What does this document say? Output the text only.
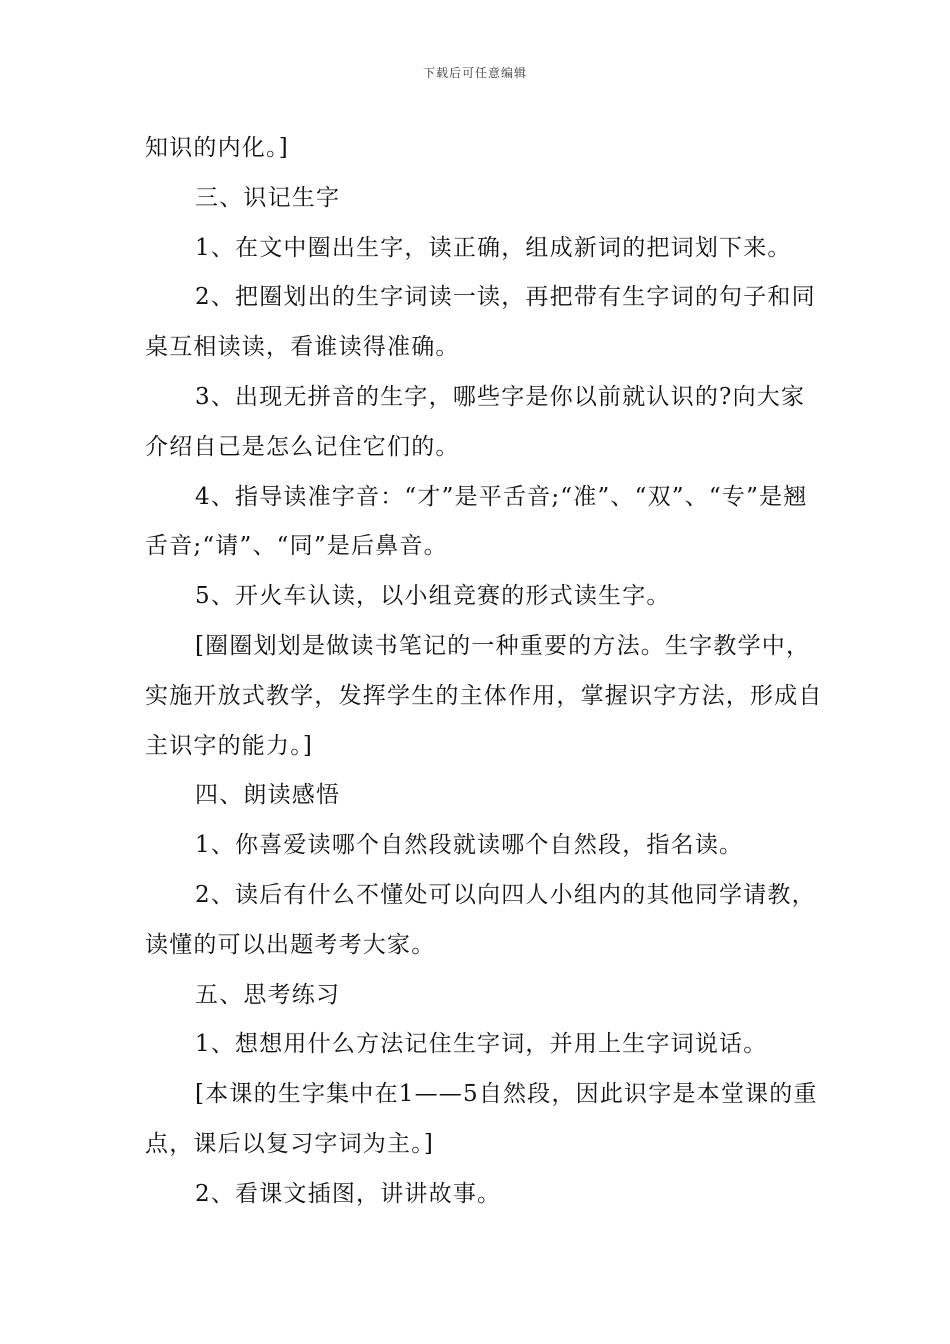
下载后可任意编辑

知识的内化。]

三、识记生字

1、在文中圈出生字，读正确，组成新词的把词划下来。

2、把圈划出的生字词读一读，再把带有生字词的句子和同桌互相读读，看谁读得准确。

3、出现无拼音的生字，哪些字是你以前就认识的?向大家介绍自己是怎么记住它们的。

4、指导读准字音：“才”是平舌音;“准”、“双”、“专”是翘舌音;“请”、“同”是后鼻音。

5、开火车认读，以小组竞赛的形式读生字。

[圈圈划划是做读书笔记的一种重要的方法。生字教学中，实施开放式教学，发挥学生的主体作用，掌握识字方法，形成自主识字的能力。]

四、朗读感悟

1、你喜爱读哪个自然段就读哪个自然段，指名读。

2、读后有什么不懂处可以向四人小组内的其他同学请教，读懂的可以出题考考大家。

五、思考练习

1、想想用什么方法记住生字词，并用上生字词说话。

[本课的生字集中在1——5自然段，因此识字是本堂课的重点，课后以复习字词为主。]

2、看课文插图，讲讲故事。
